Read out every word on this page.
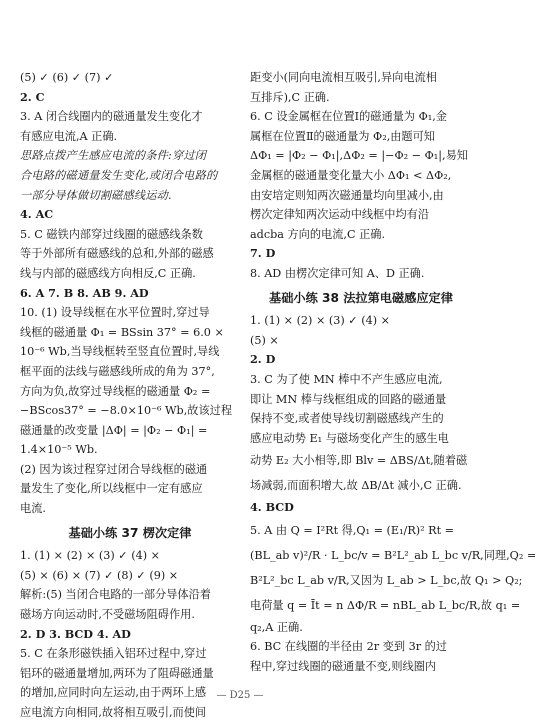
(5) ✓ (6) ✓ (7) ✓
2. C
3. A 闭合线圈内的磁通量发生变化才
有感应电流,A 正确.
思路点拨产生感应电流的条件:穿过闭
合电路的磁通量发生变化,或闭合电路的
一部分导体做切割磁感线运动.
4. AC
5. C 磁铁内部穿过线圈的磁感线条数
等于外部所有磁感线的总和,外部的磁感
线与内部的磁感线方向相反,C 正确.
6. A 7. B 8. AB 9. AD
10. (1) 设导线框在水平位置时,穿过导
线框的磁通量 Φ₁ = BSsin 37° = 6.0 ×
10⁻⁶ Wb,当导线框转至竖直位置时,导线
框平面的法线与磁感线所成的角为 37°,
方向为负,故穿过导线框的磁通量 Φ₂ =
−BScos37° = −8.0×10⁻⁶ Wb,故该过程
磁通量的改变量 |ΔΦ| = |Φ₂ − Φ₁| =
1.4×10⁻⁵ Wb.
(2) 因为该过程穿过闭合导线框的磁通
量发生了变化,所以线框中一定有感应
电流.
基础小练 37 楞次定律
1. (1) × (2) × (3) ✓ (4) ×
(5) × (6) × (7) ✓ (8) ✓ (9) ×
解析:(5) 当闭合电路的一部分导体沿着
磁场方向运动时,不受磁场阻碍作用.
2. D 3. BCD 4. AD
5. C 在条形磁铁插入铝环过程中,穿过
铝环的磁通量增加,两环为了阻碍磁通量
的增加,应同时向左运动,由于两环上感
应电流方向相同,故将相互吸引,而使间
距变小(同向电流相互吸引,异向电流相
互排斥),C 正确.
6. C 设金属框在位置Ⅰ的磁通量为 Φ₁,金
属框在位置Ⅱ的磁通量为 Φ₂,由题可知
ΔΦ₁ = |Φ₂ − Φ₁|,ΔΦ₂ = |−Φ₂ − Φ₁|,易知
金属框的磁通量变化量大小 ΔΦ₁ < ΔΦ₂,
由安培定则知两次磁通量均向里减小,由
楞次定律知两次运动中线框中均有沿
adcba 方向的电流,C 正确.
7. D
8. AD 由楞次定律可知 A、D 正确.
基础小练 38 法拉第电磁感应定律
1. (1) × (2) × (3) ✓ (4) ×
(5) ×
2. D
3. C 为了使 MN 棒中不产生感应电流,
即让 MN 棒与线框组成的回路的磁通量
保持不变,或者使导线切割磁感线产生的
感应电动势 E₁ 与磁场变化产生的感生电
动势 E₂ 大小相等,即 Blv = ΔBS/Δt,随着磁
场减弱,而面积增大,故 ΔB/Δt 减小,C 正确.
4. BCD
5. A 由 Q = I²Rt 得,Q₁ = (E₁/R)² Rt =
(BL_ab v)²/R · L_bc/v = B²L²_ab L_bc v/R,同理,Q₂ =
B²L²_bc L_ab v/R,又因为 L_ab > L_bc,故 Q₁ > Q₂;
电荷量 q = Īt = n ΔΦ/R = nBL_ab L_bc/R,故 q₁ =
q₂,A 正确.
6. BC 在线圈的半径由 2r 变到 3r 的过
程中,穿过线圈的磁通量不变,则线圈内
— D25 —
